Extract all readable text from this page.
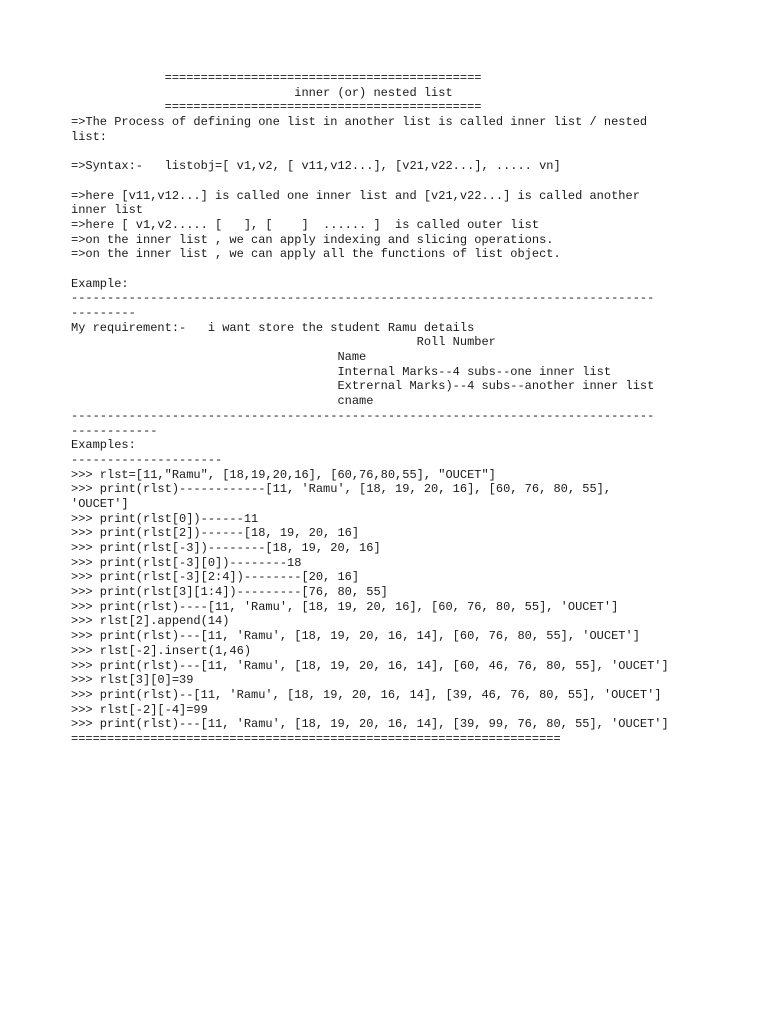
============================================
inner (or) nested list
============================================
=>The Process of defining one list in another list is called inner list / nested
list:
=>Syntax:-   listobj=[ v1,v2, [ v11,v12...], [v21,v22...], ..... vn]
=>here [v11,v12...] is called one inner list and [v21,v22...] is called another
inner list
=>here [ v1,v2..... [   ], [    ]  ...... ]  is called outer list
=>on the inner list , we can apply indexing and slicing operations.
=>on the inner list , we can apply all the functions of list object.
Example:
---------------------------------------------------------------------------------
---------
My requirement:-   i want store the student Ramu details
Roll Number
Name
Internal Marks--4 subs--one inner list
Extrernal Marks)--4 subs--another inner list
cname
---------------------------------------------------------------------------------
------------
Examples:
---------------------
>>> rlst=[11,"Ramu", [18,19,20,16], [60,76,80,55], "OUCET"]
>>> print(rlst)------------[11, 'Ramu', [18, 19, 20, 16], [60, 76, 80, 55],
'OUCET']
>>> print(rlst[0])------11
>>> print(rlst[2])------[18, 19, 20, 16]
>>> print(rlst[-3])--------[18, 19, 20, 16]
>>> print(rlst[-3][0])--------18
>>> print(rlst[-3][2:4])--------[20, 16]
>>> print(rlst[3][1:4])---------[76, 80, 55]
>>> print(rlst)----[11, 'Ramu', [18, 19, 20, 16], [60, 76, 80, 55], 'OUCET']
>>> rlst[2].append(14)
>>> print(rlst)---[11, 'Ramu', [18, 19, 20, 16, 14], [60, 76, 80, 55], 'OUCET']
>>> rlst[-2].insert(1,46)
>>> print(rlst)---[11, 'Ramu', [18, 19, 20, 16, 14], [60, 46, 76, 80, 55], 'OUCET']
>>> rlst[3][0]=39
>>> print(rlst)--[11, 'Ramu', [18, 19, 20, 16, 14], [39, 46, 76, 80, 55], 'OUCET']
>>> rlst[-2][-4]=99
>>> print(rlst)---[11, 'Ramu', [18, 19, 20, 16, 14], [39, 99, 76, 80, 55], 'OUCET']
====================================================================
